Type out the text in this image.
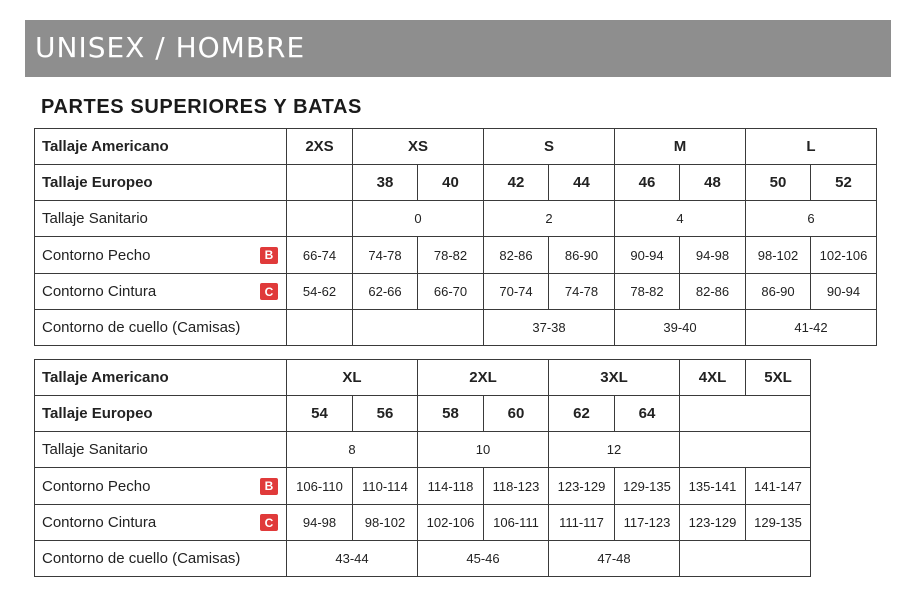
UNISEX / HOMBRE
PARTES SUPERIORES Y BATAS
Tallaje Americano	2XS	XS		S		M		L	
Tallaje Europeo		38	40	42	44	46	48	50	52
Tallaje Sanitario		0		2		4		6	

Contorno Pecho B	66-74	74-78	78-82	82-86	86-90	90-94	94-98	98-102	102-106

Contorno Cintura C	54-62	62-66	66-70	70-74	74-78	78-82	82-86	86-90	90-94
Contorno de cuello (Camisas)				37-38		39-40		41-42	
Tallaje Americano	XL		2XL		3XL		4XL	5XL
Tallaje Europeo	54	56	58	60	62	64		
Tallaje Sanitario	8		10		12			

Contorno Pecho B	106-110	110-114	114-118	118-123	123-129	129-135	135-141	141-147

Contorno Cintura C	94-98	98-102	102-106	106-111	111-117	117-123	123-129	129-135
Contorno de cuello (Camisas)	43-44		45-46		47-48			
